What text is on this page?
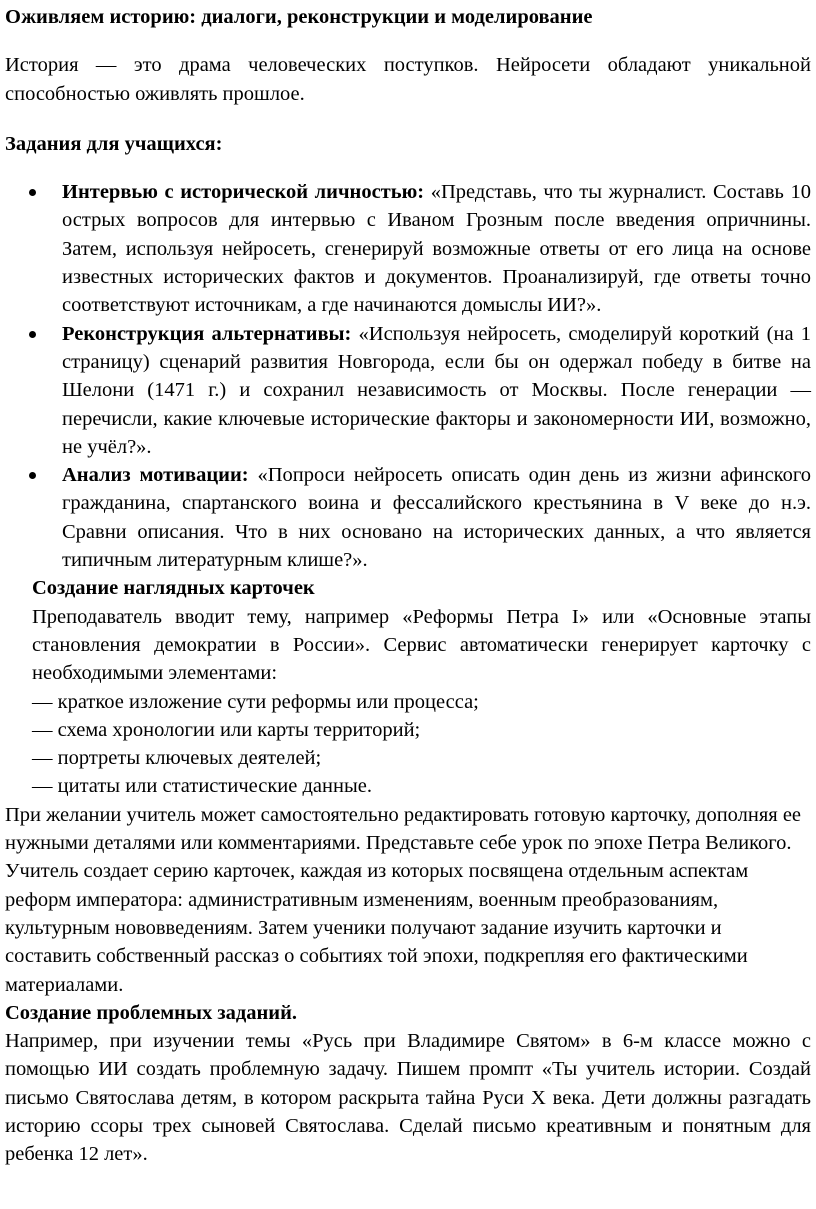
Оживляем историю: диалоги, реконструкции и моделирование

История — это драма человеческих поступков. Нейросети обладают уникальной способностью оживлять прошлое.

Задания для учащихся:

Интервью с исторической личностью: «Представь, что ты журналист. Составь 10 острых вопросов для интервью с Иваном Грозным после введения опричнины. Затем, используя нейросеть, сгенерируй возможные ответы от его лица на основе известных исторических фактов и документов. Проанализируй, где ответы точно соответствуют источникам, а где начинаются домыслы ИИ?».
Реконструкция альтернативы: «Используя нейросеть, смоделируй короткий (на 1 страницу) сценарий развития Новгорода, если бы он одержал победу в битве на Шелони (1471 г.) и сохранил независимость от Москвы. После генерации — перечисли, какие ключевые исторические факторы и закономерности ИИ, возможно, не учёл?».
Анализ мотивации: «Попроси нейросеть описать один день из жизни афинского гражданина, спартанского воина и фессалийского крестьянина в V веке до н.э. Сравни описания. Что в них основано на исторических данных, а что является типичным литературным клише?».

Создание наглядных карточек

Преподаватель вводит тему, например «Реформы Петра I» или «Основные этапы становления демократии в России». Сервис автоматически генерирует карточку с необходимыми элементами:

— краткое изложение сути реформы или процесса;

— схема хронологии или карты территорий;

— портреты ключевых деятелей;

— цитаты или статистические данные.

При желании учитель может самостоятельно редактировать готовую карточку, дополняя ее нужными деталями или комментариями. Представьте себе урок по эпохе Петра Великого. Учитель создает серию карточек, каждая из которых посвящена отдельным аспектам реформ императора: административным изменениям, военным преобразованиям, культурным нововведениям. Затем ученики получают задание изучить карточки и составить собственный рассказ о событиях той эпохи, подкрепляя его фактическими материалами.

Создание проблемных заданий.

Например, при изучении темы «Русь при Владимире Святом» в 6-м классе можно с помощью ИИ создать проблемную задачу. Пишем промпт «Ты учитель истории. Создай письмо Святослава детям, в котором раскрыта тайна Руси X века. Дети должны разгадать историю ссоры трех сыновей Святослава. Сделай письмо креативным и понятным для ребенка 12 лет».
